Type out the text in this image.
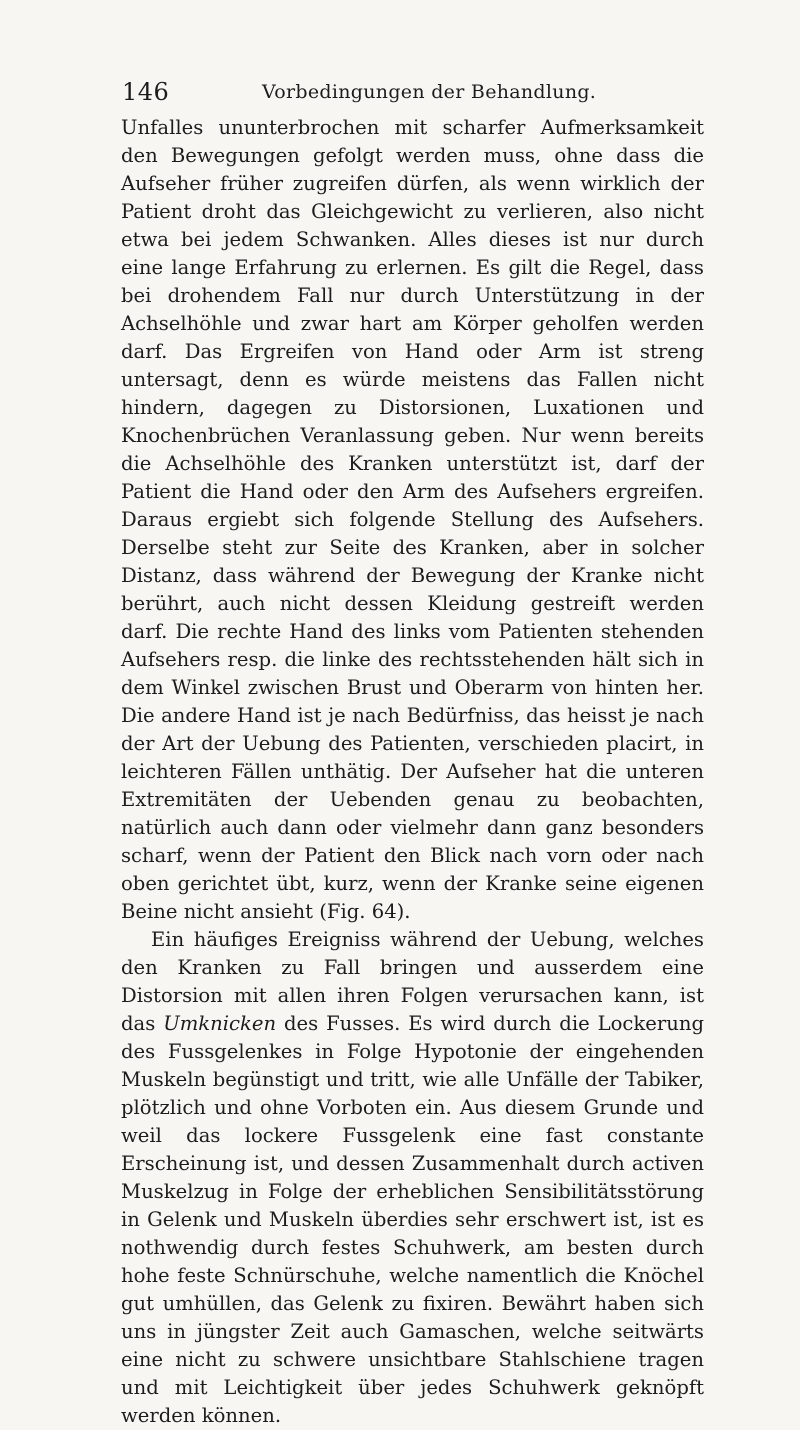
146	Vorbedingungen der Behandlung.

Unfalles ununterbrochen mit scharfer Aufmerksamkeit den Bewegungen gefolgt werden muss, ohne dass die Aufseher früher zugreifen dürfen, als wenn wirklich der Patient droht das Gleichgewicht zu verlieren, also nicht etwa bei jedem Schwanken. Alles dieses ist nur durch eine lange Erfahrung zu erlernen. Es gilt die Regel, dass bei drohendem Fall nur durch Unterstützung in der Achselhöhle und zwar hart am Körper geholfen werden darf. Das Ergreifen von Hand oder Arm ist streng untersagt, denn es würde meistens das Fallen nicht hindern, dagegen zu Distorsionen, Luxationen und Knochenbrüchen Veranlassung geben. Nur wenn bereits die Achselhöhle des Kranken unterstützt ist, darf der Patient die Hand oder den Arm des Aufsehers ergreifen. Daraus ergiebt sich folgende Stellung des Aufsehers. Derselbe steht zur Seite des Kranken, aber in solcher Distanz, dass während der Bewegung der Kranke nicht berührt, auch nicht dessen Kleidung gestreift werden darf. Die rechte Hand des links vom Patienten stehenden Aufsehers resp. die linke des rechtsstehenden hält sich in dem Winkel zwischen Brust und Oberarm von hinten her. Die andere Hand ist je nach Bedürfniss, das heisst je nach der Art der Uebung des Patienten, verschieden placirt, in leichteren Fällen unthätig. Der Aufseher hat die unteren Extremitäten der Uebenden genau zu beobachten, natürlich auch dann oder vielmehr dann ganz besonders scharf, wenn der Patient den Blick nach vorn oder nach oben gerichtet übt, kurz, wenn der Kranke seine eigenen Beine nicht ansieht (Fig. 64).

Ein häufiges Ereigniss während der Uebung, welches den Kranken zu Fall bringen und ausserdem eine Distorsion mit allen ihren Folgen verursachen kann, ist das Umknicken des Fusses. Es wird durch die Lockerung des Fussgelenkes in Folge Hypotonie der eingehenden Muskeln begünstigt und tritt, wie alle Unfälle der Tabiker, plötzlich und ohne Vorboten ein. Aus diesem Grunde und weil das lockere Fussgelenk eine fast constante Erscheinung ist, und dessen Zusammenhalt durch activen Muskelzug in Folge der erheblichen Sensibilitätsstörung in Gelenk und Muskeln überdies sehr erschwert ist, ist es nothwendig durch festes Schuhwerk, am besten durch hohe feste Schnürschuhe, welche namentlich die Knöchel gut umhüllen, das Gelenk zu fixiren. Bewährt haben sich uns in jüngster Zeit auch Gamaschen, welche seitwärts eine nicht zu schwere unsichtbare Stahlschiene tragen und mit Leichtigkeit über jedes Schuhwerk geknöpft werden können.
